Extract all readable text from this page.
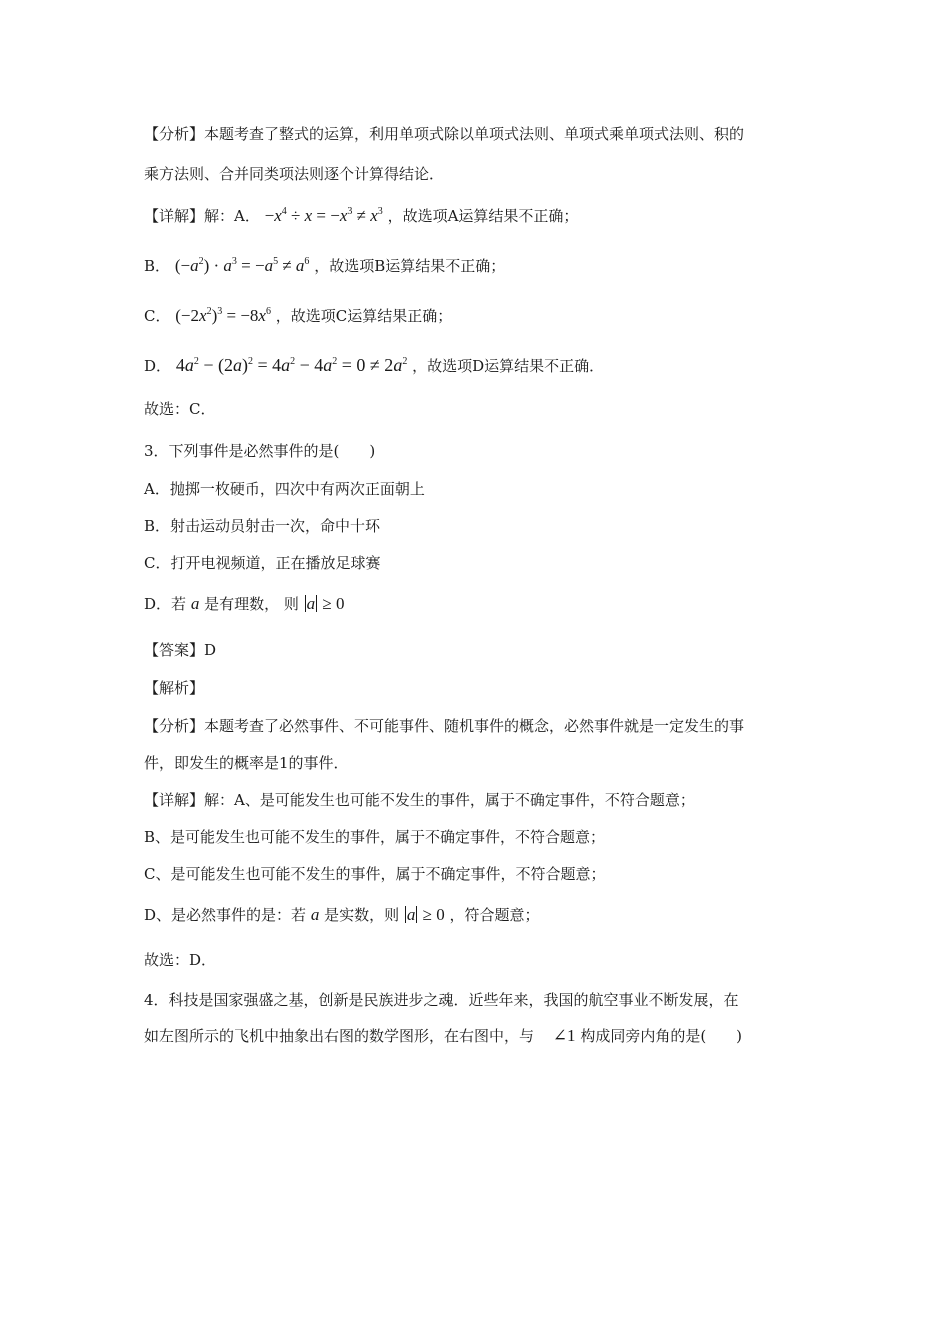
【分析】本题考查了整式的运算，利用单项式除以单项式法则、单项式乘单项式法则、积的
乘方法则、合并同类项法则逐个计算得结论．
【详解】解：A． $-x^4 \div x = -x^3 \ne x^3$ ，故选项A运算结果不正确；
B． $(-a^2) \cdot a^3 = -a^5 \ne a^6$ ，故选项B运算结果不正确；
C． $(-2x^2)^3 = -8x^6$ ，故选项C运算结果正确；
D． $4a^2 - (2a)^2 = 4a^2 - 4a^2 = 0 \ne 2a^2$ ，故选项D运算结果不正确．
故选：C．
3．下列事件是必然事件的是(　　)
A．抛掷一枚硬币，四次中有两次正面朝上
B．射击运动员射击一次，命中十环
C．打开电视频道，正在播放足球赛
D．若 a 是有理数， 则 a ≥ 0
【答案】D
【解析】
【分析】本题考查了必然事件、不可能事件、随机事件的概念，必然事件就是一定发生的事
件，即发生的概率是1的事件．
【详解】解：A、是可能发生也可能不发生的事件，属于不确定事件，不符合题意；
B、是可能发生也可能不发生的事件，属于不确定事件，不符合题意；
C、是可能发生也可能不发生的事件，属于不确定事件，不符合题意；
D、是必然事件的是：若 a 是实数，则 a ≥ 0 ，符合题意；
故选：D．
4．科技是国家强盛之基，创新是民族进步之魂．近些年来，我国的航空事业不断发展，在
如左图所示的飞机中抽象出右图的数学图形，在右图中，与 ∠1 构成同旁内角的是(　　)
